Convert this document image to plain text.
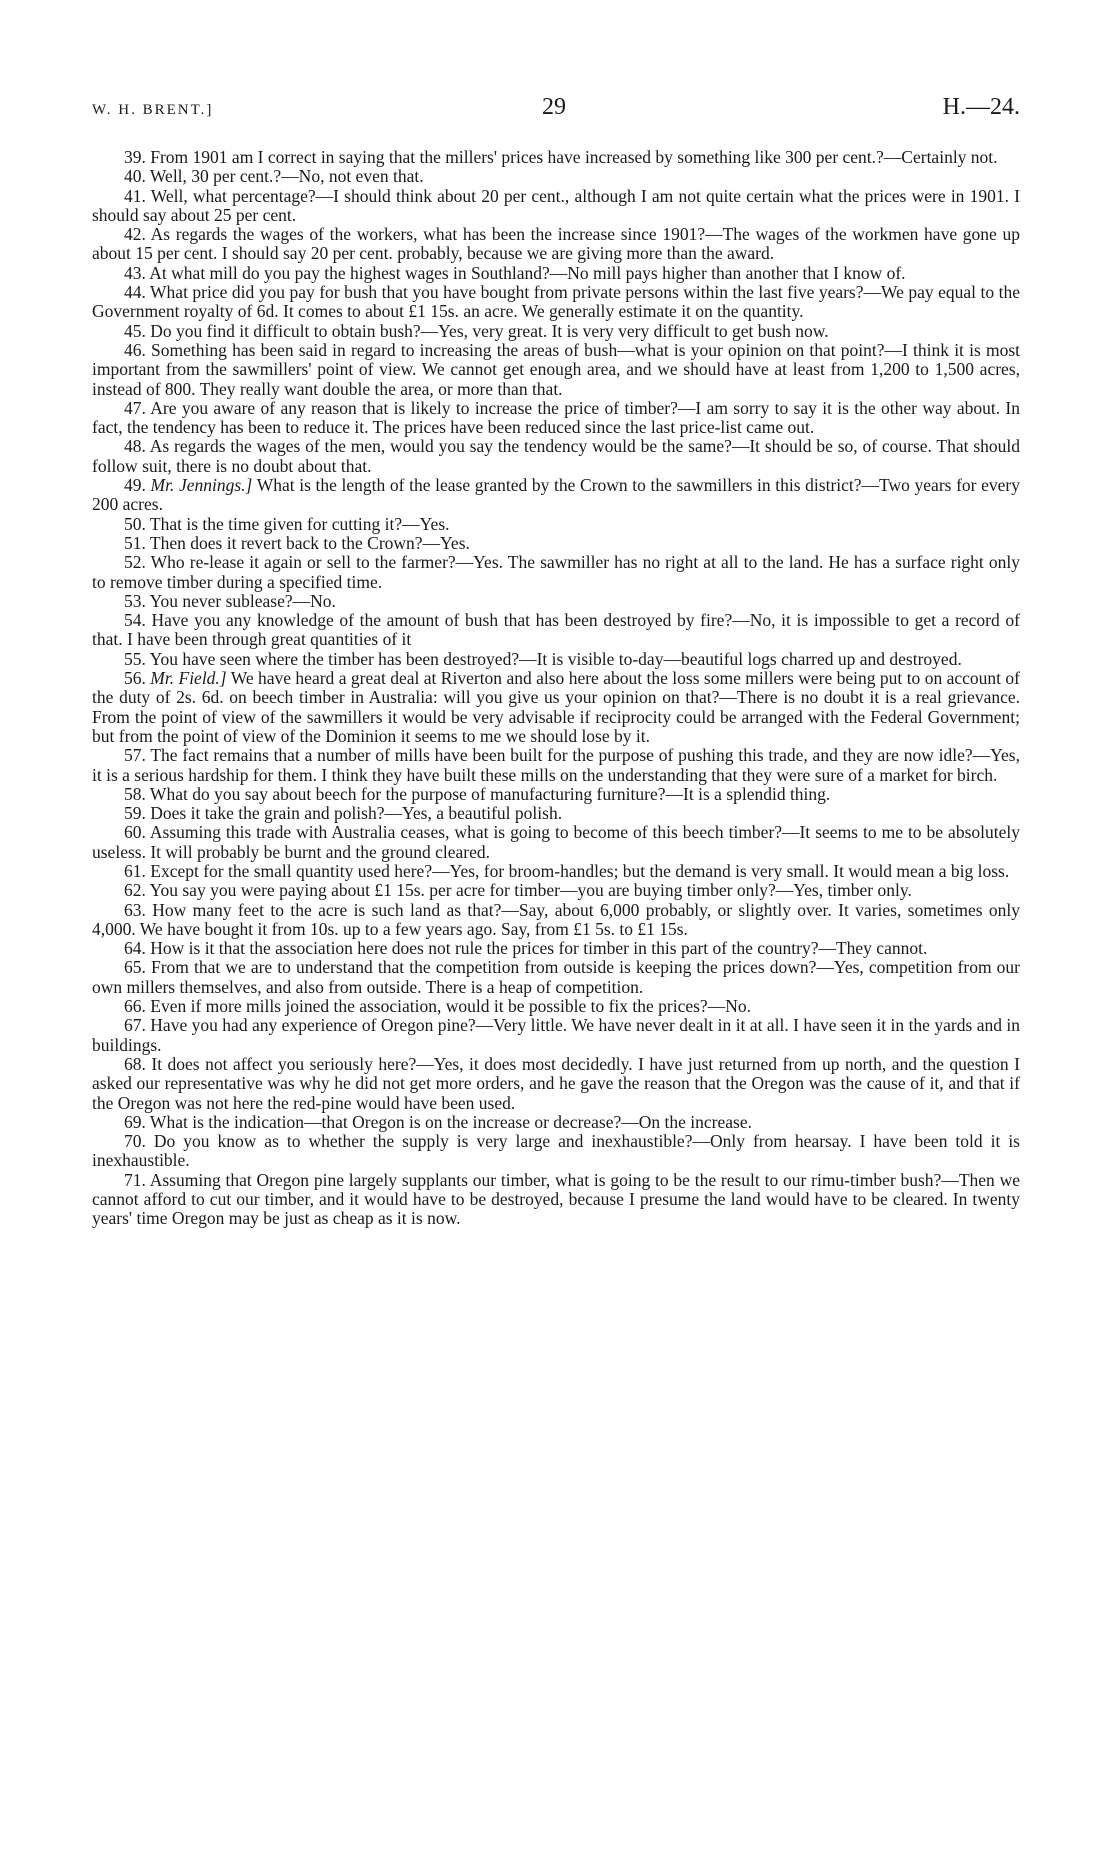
W. H. BRENT.]	29	H.—24.

39. From 1901 am I correct in saying that the millers' prices have increased by something like 300 per cent.?—Certainly not.

40. Well, 30 per cent.?—No, not even that.

41. Well, what percentage?—I should think about 20 per cent., although I am not quite certain what the prices were in 1901. I should say about 25 per cent.

42. As regards the wages of the workers, what has been the increase since 1901?—The wages of the workmen have gone up about 15 per cent. I should say 20 per cent. probably, because we are giving more than the award.

43. At what mill do you pay the highest wages in Southland?—No mill pays higher than another that I know of.

44. What price did you pay for bush that you have bought from private persons within the last five years?—We pay equal to the Government royalty of 6d. It comes to about £1 15s. an acre. We generally estimate it on the quantity.

45. Do you find it difficult to obtain bush?—Yes, very great. It is very very difficult to get bush now.

46. Something has been said in regard to increasing the areas of bush—what is your opinion on that point?—I think it is most important from the sawmillers' point of view. We cannot get enough area, and we should have at least from 1,200 to 1,500 acres, instead of 800. They really want double the area, or more than that.

47. Are you aware of any reason that is likely to increase the price of timber?—I am sorry to say it is the other way about. In fact, the tendency has been to reduce it. The prices have been reduced since the last price-list came out.

48. As regards the wages of the men, would you say the tendency would be the same?—It should be so, of course. That should follow suit, there is no doubt about that.

49. Mr. Jennings.] What is the length of the lease granted by the Crown to the sawmillers in this district?—Two years for every 200 acres.

50. That is the time given for cutting it?—Yes.

51. Then does it revert back to the Crown?—Yes.

52. Who re-lease it again or sell to the farmer?—Yes. The sawmiller has no right at all to the land. He has a surface right only to remove timber during a specified time.

53. You never sublease?—No.

54. Have you any knowledge of the amount of bush that has been destroyed by fire?—No, it is impossible to get a record of that. I have been through great quantities of it

55. You have seen where the timber has been destroyed?—It is visible to-day—beautiful logs charred up and destroyed.

56. Mr. Field.] We have heard a great deal at Riverton and also here about the loss some millers were being put to on account of the duty of 2s. 6d. on beech timber in Australia: will you give us your opinion on that?—There is no doubt it is a real grievance. From the point of view of the sawmillers it would be very advisable if reciprocity could be arranged with the Federal Government; but from the point of view of the Dominion it seems to me we should lose by it.

57. The fact remains that a number of mills have been built for the purpose of pushing this trade, and they are now idle?—Yes, it is a serious hardship for them. I think they have built these mills on the understanding that they were sure of a market for birch.

58. What do you say about beech for the purpose of manufacturing furniture?—It is a splendid thing.

59. Does it take the grain and polish?—Yes, a beautiful polish.

60. Assuming this trade with Australia ceases, what is going to become of this beech timber?—It seems to me to be absolutely useless. It will probably be burnt and the ground cleared.

61. Except for the small quantity used here?—Yes, for broom-handles; but the demand is very small. It would mean a big loss.

62. You say you were paying about £1 15s. per acre for timber—you are buying timber only?—Yes, timber only.

63. How many feet to the acre is such land as that?—Say, about 6,000 probably, or slightly over. It varies, sometimes only 4,000. We have bought it from 10s. up to a few years ago. Say, from £1 5s. to £1 15s.

64. How is it that the association here does not rule the prices for timber in this part of the country?—They cannot.

65. From that we are to understand that the competition from outside is keeping the prices down?—Yes, competition from our own millers themselves, and also from outside. There is a heap of competition.

66. Even if more mills joined the association, would it be possible to fix the prices?—No.

67. Have you had any experience of Oregon pine?—Very little. We have never dealt in it at all. I have seen it in the yards and in buildings.

68. It does not affect you seriously here?—Yes, it does most decidedly. I have just returned from up north, and the question I asked our representative was why he did not get more orders, and he gave the reason that the Oregon was the cause of it, and that if the Oregon was not here the red-pine would have been used.

69. What is the indication—that Oregon is on the increase or decrease?—On the increase.

70. Do you know as to whether the supply is very large and inexhaustible?—Only from hearsay. I have been told it is inexhaustible.

71. Assuming that Oregon pine largely supplants our timber, what is going to be the result to our rimu-timber bush?—Then we cannot afford to cut our timber, and it would have to be destroyed, because I presume the land would have to be cleared. In twenty years' time Oregon may be just as cheap as it is now.
